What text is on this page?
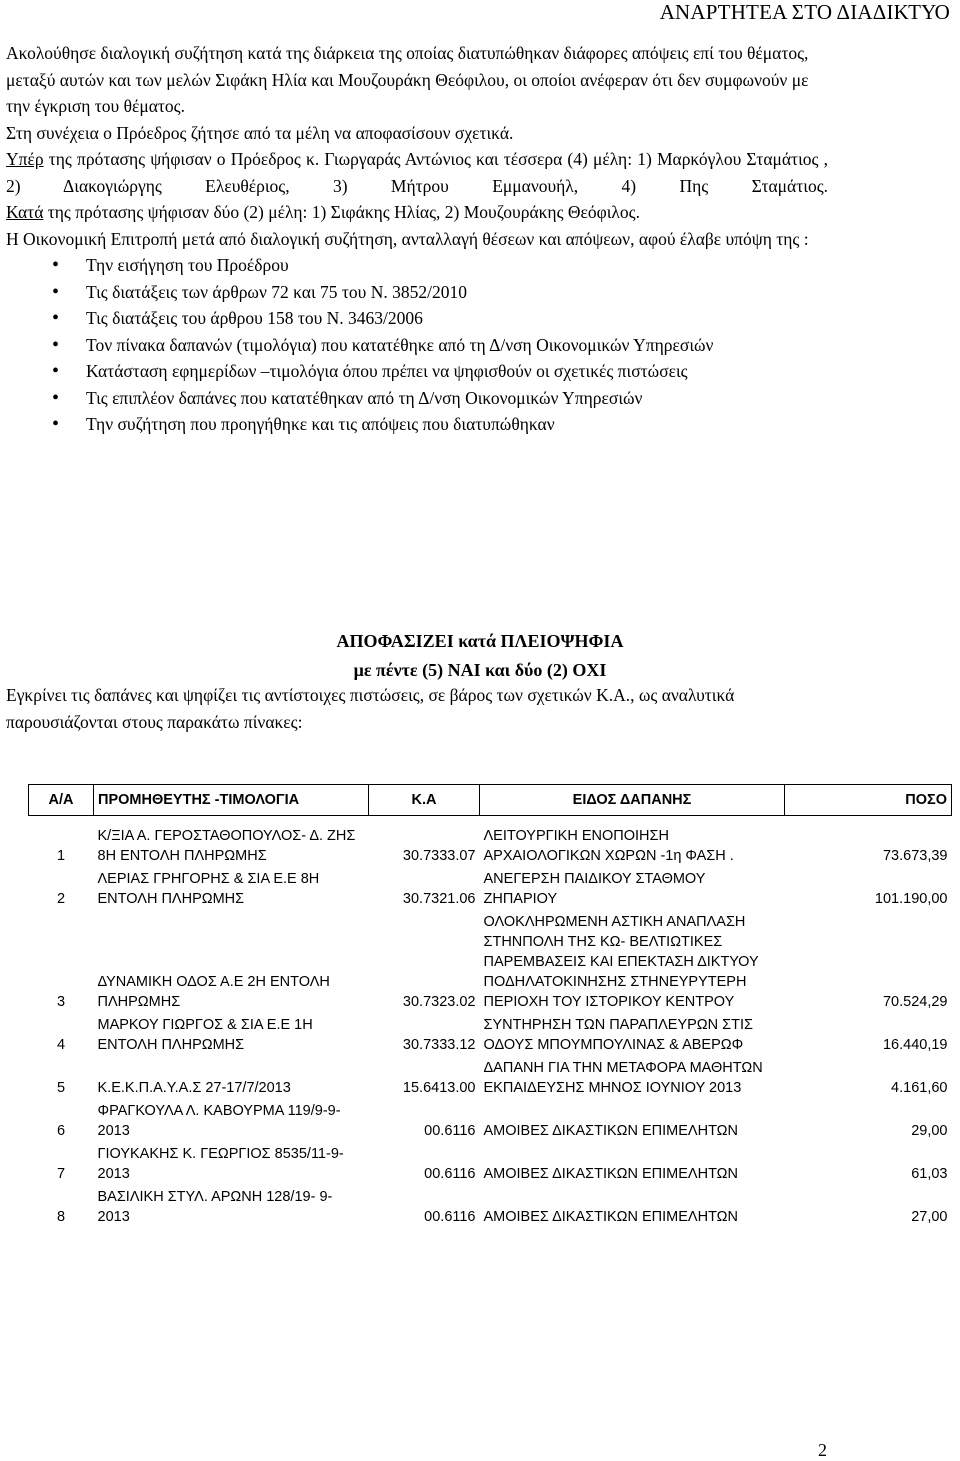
ΑΝΑΡΤΗΤΕΑ ΣΤΟ ΔΙΑΔΙΚΤΥΟ

Ακολούθησε διαλογική συζήτηση κατά της διάρκεια της οποίας διατυπώθηκαν διάφορες απόψεις επί του θέματος, μεταξύ αυτών και των μελών Σιφάκη Ηλία και Μουζουράκη Θεόφιλου, οι οποίοι ανέφεραν ότι δεν συμφωνούν με την έγκριση του θέματος.

Στη συνέχεια ο Πρόεδρος ζήτησε από τα μέλη να αποφασίσουν σχετικά.

Υπέρ της πρότασης ψήφισαν ο Πρόεδρος κ. Γιωργαράς Αντώνιος και τέσσερα (4) μέλη: 1) Μαρκόγλου Σταμάτιος , 2) Διακογιώργης Ελευθέριος, 3) Μήτρου Εμμανουήλ, 4) Πης Σταμάτιος.

Κατά της πρότασης ψήφισαν δύο (2) μέλη: 1) Σιφάκης Ηλίας, 2) Μουζουράκης Θεόφιλος.

Η Οικονομική Επιτροπή μετά από διαλογική συζήτηση, ανταλλαγή θέσεων και απόψεων, αφού έλαβε υπόψη της :

• Την εισήγηση του Προέδρου
• Τις διατάξεις των άρθρων 72 και 75 του Ν. 3852/2010
• Τις διατάξεις του άρθρου 158 του Ν. 3463/2006
• Τον πίνακα δαπανών (τιμολόγια) που κατατέθηκε από τη Δ/νση Οικονομικών Υπηρεσιών
• Κατάσταση εφημερίδων –τιμολόγια όπου πρέπει να ψηφισθούν οι σχετικές πιστώσεις
• Τις επιπλέον δαπάνες που κατατέθηκαν από τη Δ/νση Οικονομικών Υπηρεσιών
• Την συζήτηση που προηγήθηκε και τις απόψεις που διατυπώθηκαν
ΑΠΟΦΑΣΙΖΕΙ κατά ΠΛΕΙΟΨΗΦΙΑ
με πέντε (5) ΝΑΙ και δύο (2) ΟΧΙ

Εγκρίνει τις δαπάνες και ψηφίζει τις αντίστοιχες πιστώσεις, σε βάρος των σχετικών Κ.Α., ως αναλυτικά παρουσιάζονται στους παρακάτω πίνακες:

Α/Α	ΠΡΟΜΗΘΕΥΤΗΣ -ΤΙΜΟΛΟΓΙΑ	Κ.Α	ΕΙΔΟΣ ΔΑΠΑΝΗΣ	ΠΟΣΟ
1	Κ/ΞΙΑ Α. ΓΕΡΟΣΤΑΘΟΠΟΥΛΟΣ- Δ. ΖΗΣ 8Η ΕΝΤΟΛΗ ΠΛΗΡΩΜΗΣ	30.7333.07	ΛΕΙΤΟΥΡΓΙΚΗ ΕΝΟΠΟΙΗΣΗ ΑΡΧΑΙΟΛΟΓΙΚΩΝ ΧΩΡΩΝ -1η ΦΑΣΗ .	73.673,39
2	ΛΕΡΙΑΣ ΓΡΗΓΟΡΗΣ & ΣΙΑ Ε.Ε 8Η ΕΝΤΟΛΗ ΠΛΗΡΩΜΗΣ	30.7321.06	ΑΝΕΓΕΡΣΗ ΠΑΙΔΙΚΟΥ ΣΤΑΘΜΟΥ ΖΗΠΑΡΙΟΥ	101.190,00
3	ΔΥΝΑΜΙΚΗ ΟΔΟΣ Α.Ε 2Η ΕΝΤΟΛΗ ΠΛΗΡΩΜΗΣ	30.7323.02	ΟΛΟΚΛΗΡΩΜΕΝΗ ΑΣΤΙΚΗ ΑΝΑΠΛΑΣΗ ΣΤΗΝΠΟΛΗ ΤΗΣ ΚΩ- ΒΕΛΤΙΩΤΙΚΕΣ ΠΑΡΕΜΒΑΣΕΙΣ ΚΑΙ ΕΠΕΚΤΑΣΗ ΔΙΚΤΥΟΥ ΠΟΔΗΛΑΤΟΚΙΝΗΣΗΣ ΣΤΗΝΕΥΡΥΤΕΡΗ ΠΕΡΙΟΧΗ ΤΟΥ ΙΣΤΟΡΙΚΟΥ ΚΕΝΤΡΟΥ	70.524,29
4	ΜΑΡΚΟΥ ΓΙΩΡΓΟΣ & ΣΙΑ Ε.Ε 1Η ΕΝΤΟΛΗ ΠΛΗΡΩΜΗΣ	30.7333.12	ΣΥΝΤΗΡΗΣΗ ΤΩΝ ΠΑΡΑΠΛΕΥΡΩΝ ΣΤΙΣ ΟΔΟΥΣ ΜΠΟΥΜΠΟΥΛΙΝΑΣ & ΑΒΕΡΩΦ	16.440,19
5	Κ.Ε.Κ.Π.Α.Υ.Α.Σ 27-17/7/2013	15.6413.00	ΔΑΠΑΝΗ ΓΙΑ ΤΗΝ ΜΕΤΑΦΟΡΑ ΜΑΘΗΤΩΝ ΕΚΠΑΙΔΕΥΣΗΣ ΜΗΝΟΣ ΙΟΥΝΙΟΥ 2013	4.161,60
6	ΦΡΑΓΚΟΥΛΑ Λ. ΚΑΒΟΥΡΜΑ 119/9-9-2013	00.6116	ΑΜΟΙΒΕΣ ΔΙΚΑΣΤΙΚΩΝ ΕΠΙΜΕΛΗΤΩΝ	29,00
7	ΓΙΟΥΚΑΚΗΣ Κ. ΓΕΩΡΓΙΟΣ 8535/11-9-2013	00.6116	ΑΜΟΙΒΕΣ ΔΙΚΑΣΤΙΚΩΝ ΕΠΙΜΕΛΗΤΩΝ	61,03
8	ΒΑΣΙΛΙΚΗ ΣΤΥΛ. ΑΡΩΝΗ 128/19- 9-2013	00.6116	ΑΜΟΙΒΕΣ ΔΙΚΑΣΤΙΚΩΝ ΕΠΙΜΕΛΗΤΩΝ	27,00
2
